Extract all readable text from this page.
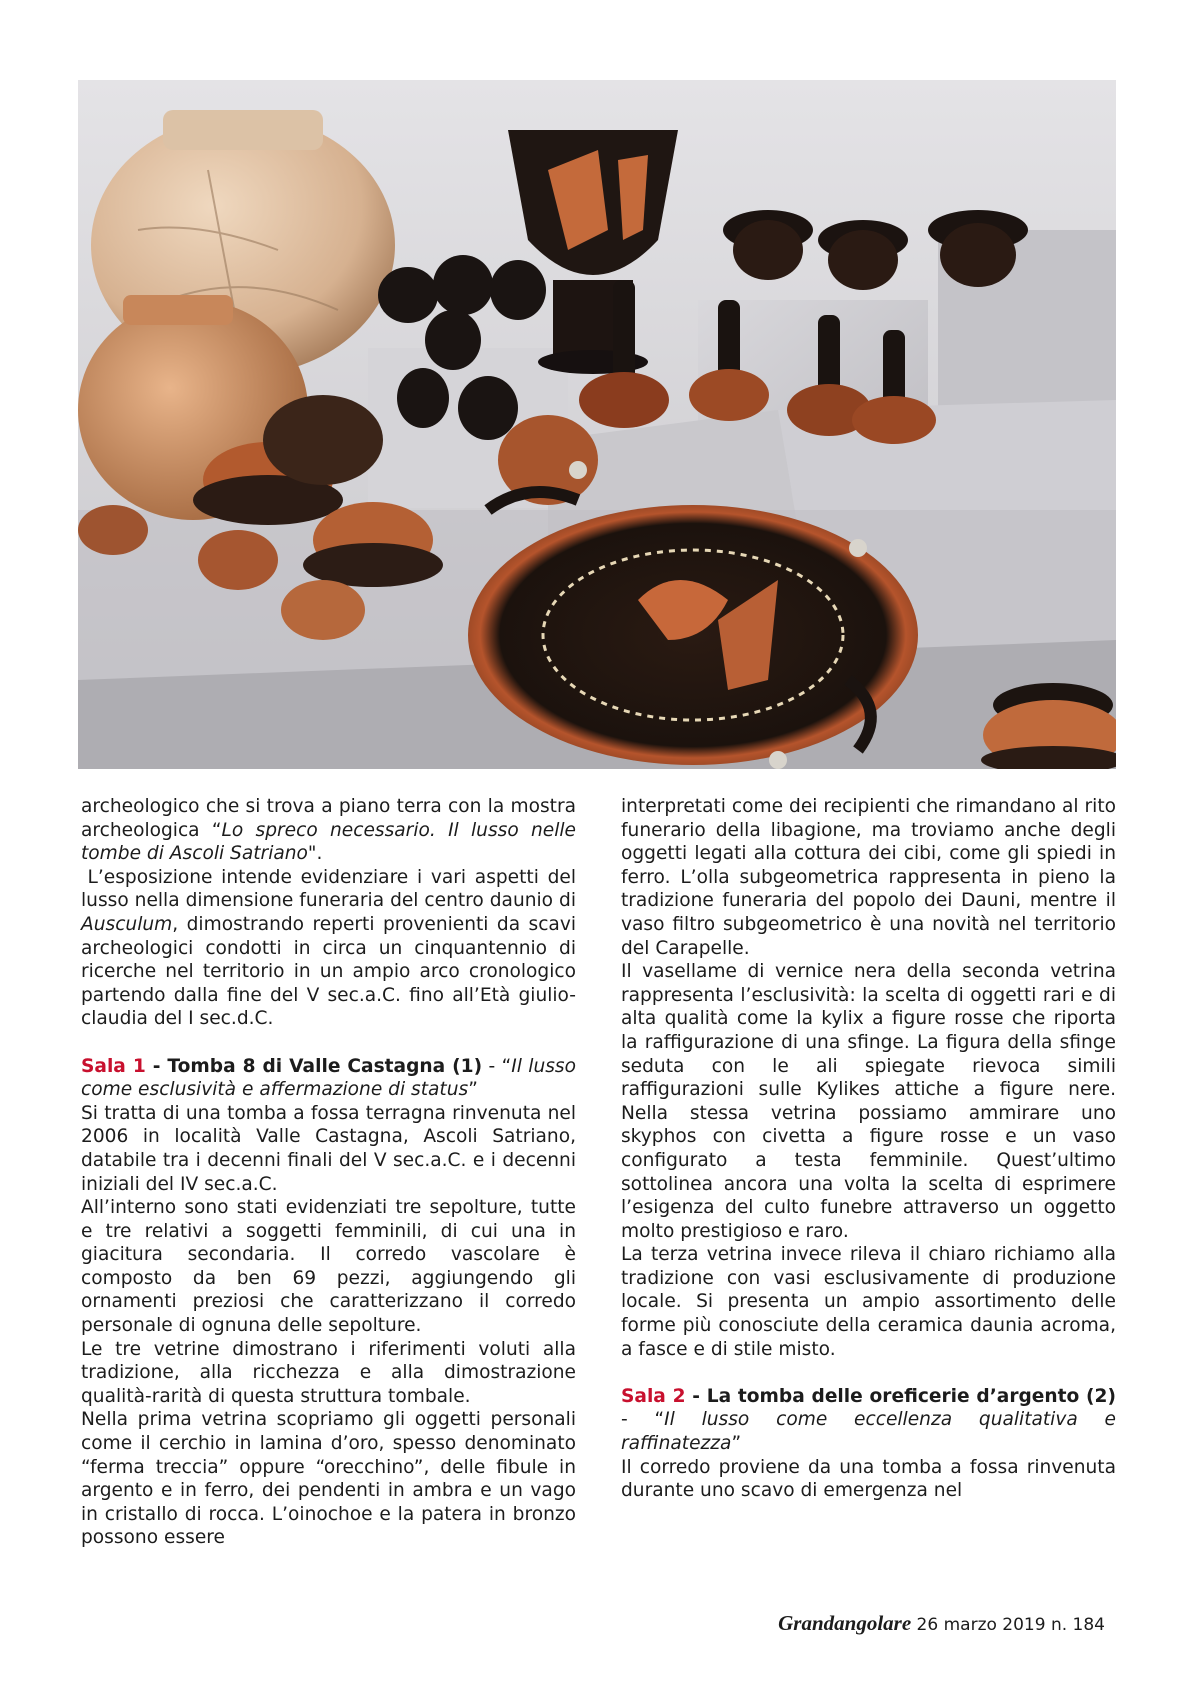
archeologico che si trova a piano terra con la mostra archeologica “Lo spreco necessario. Il lusso nelle tombe di Ascoli Satriano".

L’esposizione intende evidenziare i vari aspetti del lusso nella dimensione funeraria del centro daunio di Ausculum, dimostrando reperti provenienti da scavi archeologici condotti in circa un cinquantennio di ricerche nel territorio in un ampio arco cronologico partendo dalla fine del V sec.a.C. fino all’Età giulio-claudia del I sec.d.C.

Sala 1 - Tomba 8 di Valle Castagna (1) - “Il lusso come esclusività e affermazione di status”

Si tratta di una tomba a fossa terragna rinvenuta nel 2006 in località Valle Castagna, Ascoli Satriano, databile tra i decenni finali del V sec.a.C. e i decenni iniziali del IV sec.a.C.

All’interno sono stati evidenziati tre sepolture, tutte e tre relativi a soggetti femminili, di cui una in giacitura secondaria. Il corredo vascolare è composto da ben 69 pezzi, aggiungendo gli ornamenti preziosi che caratterizzano il corredo personale di ognuna delle sepolture.

Le tre vetrine dimostrano i riferimenti voluti alla tradizione, alla ricchezza e alla dimostrazione qualità-rarità di questa struttura tombale.

Nella prima vetrina scopriamo gli oggetti personali come il cerchio in lamina d’oro, spesso denominato “ferma treccia” oppure “orecchino”, delle fibule in argento e in ferro, dei pendenti in ambra e un vago in cristallo di rocca. L’oinochoe e la patera in bronzo possono essere

interpretati come dei recipienti che rimandano al rito funerario della libagione, ma troviamo anche degli oggetti legati alla cottura dei cibi, come gli spiedi in ferro. L’olla subgeometrica rappresenta in pieno la tradizione funeraria del popolo dei Dauni, mentre il vaso filtro subgeometrico è una novità nel territorio del Carapelle.

Il vasellame di vernice nera della seconda vetrina rappresenta l’esclusività: la scelta di oggetti rari e di alta qualità come la kylix a figure rosse che riporta la raffigurazione di una sfinge. La figura della sfinge seduta con le ali spiegate rievoca simili raffigurazioni sulle Kylikes attiche a figure nere. Nella stessa vetrina possiamo ammirare uno skyphos con civetta a figure rosse e un vaso configurato a testa femminile. Quest’ultimo sottolinea ancora una volta la scelta di esprimere l’esigenza del culto funebre attraverso un oggetto molto prestigioso e raro.

La terza vetrina invece rileva il chiaro richiamo alla tradizione con vasi esclusivamente di produzione locale. Si presenta un ampio assortimento delle forme più conosciute della ceramica daunia acroma, a fasce e di stile misto.

Sala 2 - La tomba delle oreficerie d’argento (2) - “Il lusso come eccellenza qualitativa e raffinatezza”

Il corredo proviene da una tomba a fossa rinvenuta durante uno scavo di emergenza nel

Grandangolare 26 marzo 2019 n. 184
